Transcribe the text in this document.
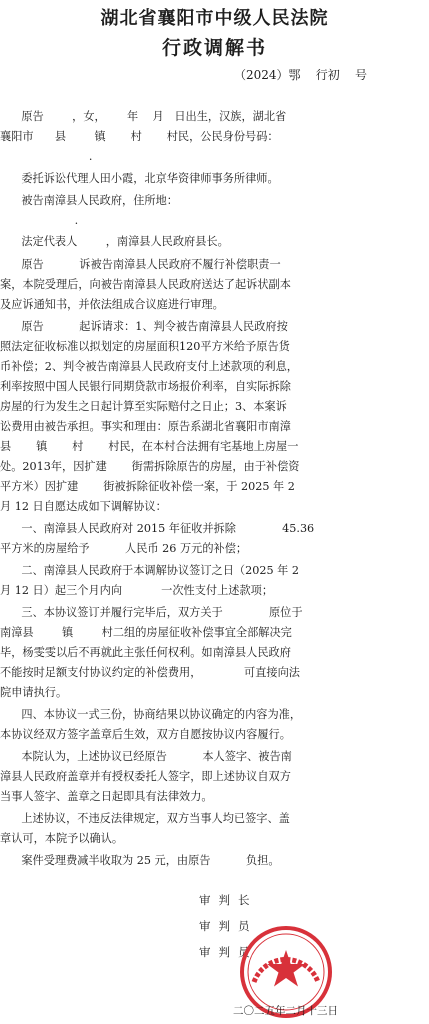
湖北省襄阳市中级人民法院
行政调解书
（2024）鄂    行初    号
原告        ，女，      年    月   日出生，汉族，湖北省
襄阳市      县        镇       村       村民，公民身份号码：
.
委托诉讼代理人田小霞，北京华资律师事务所律师。
被告南漳县人民政府，住所地：
.
法定代表人        ，南漳县人民政府县长。
原告          诉被告南漳县人民政府不履行补偿职责一
案，本院受理后，向被告南漳县人民政府送达了起诉状副本
及应诉通知书，并依法组成合议庭进行审理。
原告          起诉请求：1、判令被告南漳县人民政府按
照法定征收标准以拟划定的房屋面积120平方米给予原告货
币补偿；2、判令被告南漳县人民政府支付上述款项的利息，
利率按照中国人民银行同期贷款市场报价利率，自实际拆除
房屋的行为发生之日起计算至实际赔付之日止；3、本案诉
讼费用由被告承担。事实和理由：原告系湖北省襄阳市南漳
县       镇       村       村民，在本村合法拥有宅基地上房屋一
处。2013年，因扩建       街需拆除原告的房屋，由于补偿资
平方米）因扩建       街被拆除征收补偿一案，于 2025 年 2
月 12 日自愿达成如下调解协议：
一、南漳县人民政府对 2015 年征收并拆除             45.36
平方米的房屋给予          人民币 26 万元的补偿；
二、南漳县人民政府于本调解协议签订之日（2025 年 2
月 12 日）起三个月内向           一次性支付上述款项；
三、本协议签订并履行完毕后，双方关于             原位于
南漳县        镇        村二组的房屋征收补偿事宜全部解决完
毕，杨雯雯以后不再就此主张任何权利。如南漳县人民政府
不能按时足额支付协议约定的补偿费用，            可直接向法
院申请执行。
四、本协议一式三份，协商结果以协议确定的内容为准，
本协议经双方签字盖章后生效，双方自愿按协议内容履行。
本院认为，上述协议已经原告          本人签字、被告南
漳县人民政府盖章并有授权委托人签字，即上述协议自双方
当事人签字、盖章之日起即具有法律效力。
上述协议，不违反法律规定，双方当事人均已签字、盖
章认可，本院予以确认。
案件受理费减半收取为 25 元，由原告          负担。
审判长
审判员
审判员
二〇二五年二月十三日
